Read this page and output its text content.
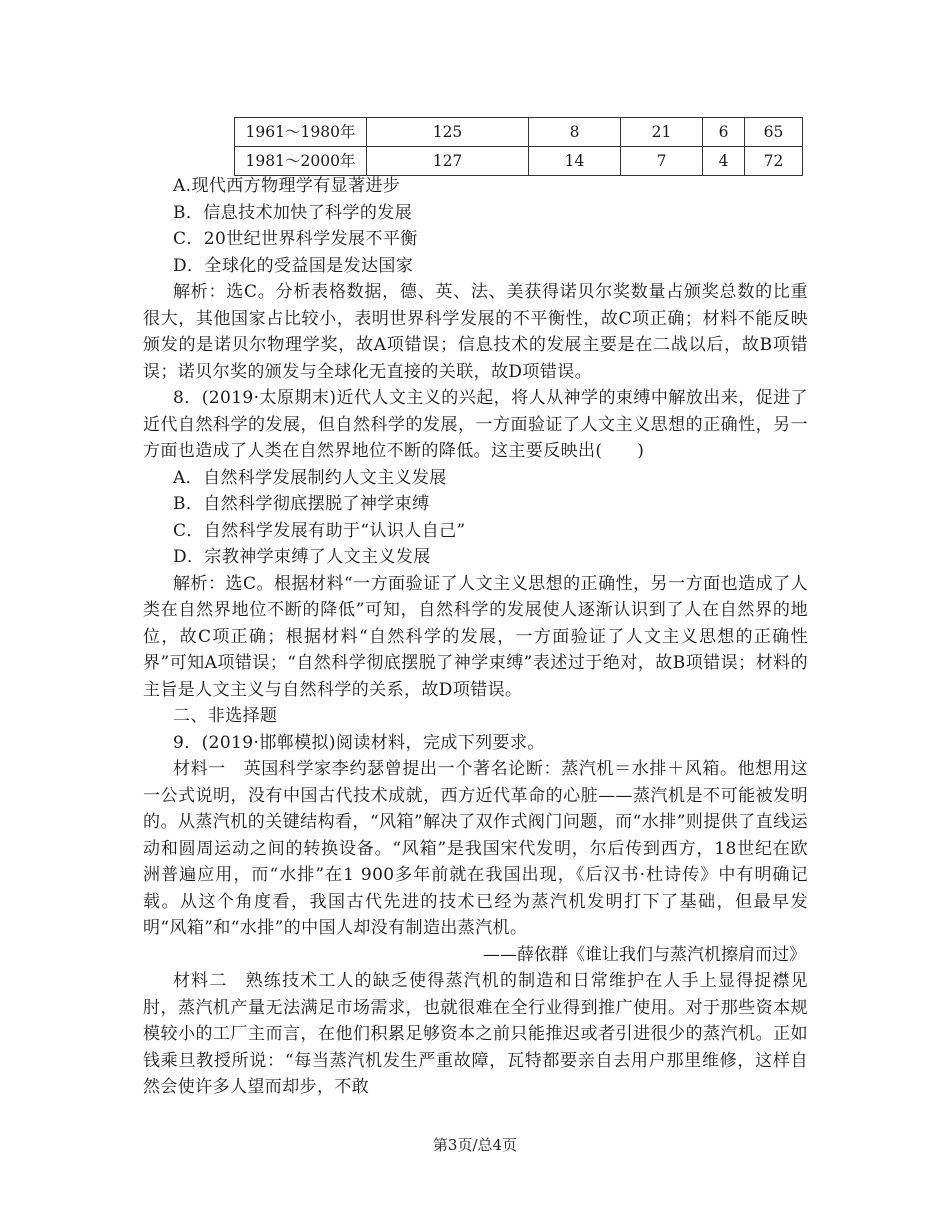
1961～1980年	125	8	21	6	65
1981～2000年	127	14	7	4	72
A.现代西方物理学有显著进步
B．信息技术加快了科学的发展
C．20世纪世界科学发展不平衡
D．全球化的受益国是发达国家

解析：选C。分析表格数据，德、英、法、美获得诺贝尔奖数量占颁奖总数的比重很大，其他国家占比较小，表明世界科学发展的不平衡性，故C项正确；材料不能反映颁发的是诺贝尔物理学奖，故A项错误；信息技术的发展主要是在二战以后，故B项错误；诺贝尔奖的颁发与全球化无直接的关联，故D项错误。

8．(2019·太原期末)近代人文主义的兴起，将人从神学的束缚中解放出来，促进了近代自然科学的发展，但自然科学的发展，一方面验证了人文主义思想的正确性，另一方面也造成了人类在自然界地位不断的降低。这主要反映出(　　)

A．自然科学发展制约人文主义发展
B．自然科学彻底摆脱了神学束缚
C．自然科学发展有助于“认识人自己”
D．宗教神学束缚了人文主义发展

解析：选C。根据材料“一方面验证了人文主义思想的正确性，另一方面也造成了人类在自然界地位不断的降低”可知，自然科学的发展使人逐渐认识到了人在自然界的地位，故C项正确；根据材料“自然科学的发展，一方面验证了人文主义思想的正确性界”可知A项错误；“自然科学彻底摆脱了神学束缚”表述过于绝对，故B项错误；材料的主旨是人文主义与自然科学的关系，故D项错误。

二、非选择题
9．(2019·邯郸模拟)阅读材料，完成下列要求。

材料一　英国科学家李约瑟曾提出一个著名论断：蒸汽机＝水排＋风箱。他想用这一公式说明，没有中国古代技术成就，西方近代革命的心脏——蒸汽机是不可能被发明的。从蒸汽机的关键结构看，“风箱”解决了双作式阀门问题，而“水排”则提供了直线运动和圆周运动之间的转换设备。“风箱”是我国宋代发明，尔后传到西方，18世纪在欧洲普遍应用，而“水排”在1 900多年前就在我国出现，《后汉书·杜诗传》中有明确记载。从这个角度看，我国古代先进的技术已经为蒸汽机发明打下了基础，但最早发明“风箱”和“水排”的中国人却没有制造出蒸汽机。

——薛依群《谁让我们与蒸汽机擦肩而过》

材料二　熟练技术工人的缺乏使得蒸汽机的制造和日常维护在人手上显得捉襟见肘，蒸汽机产量无法满足市场需求，也就很难在全行业得到推广使用。对于那些资本规模较小的工厂主而言，在他们积累足够资本之前只能推迟或者引进很少的蒸汽机。正如钱乘旦教授所说：“每当蒸汽机发生严重故障，瓦特都要亲自去用户那里维修，这样自然会使许多人望而却步，不敢

第3页/总4页
